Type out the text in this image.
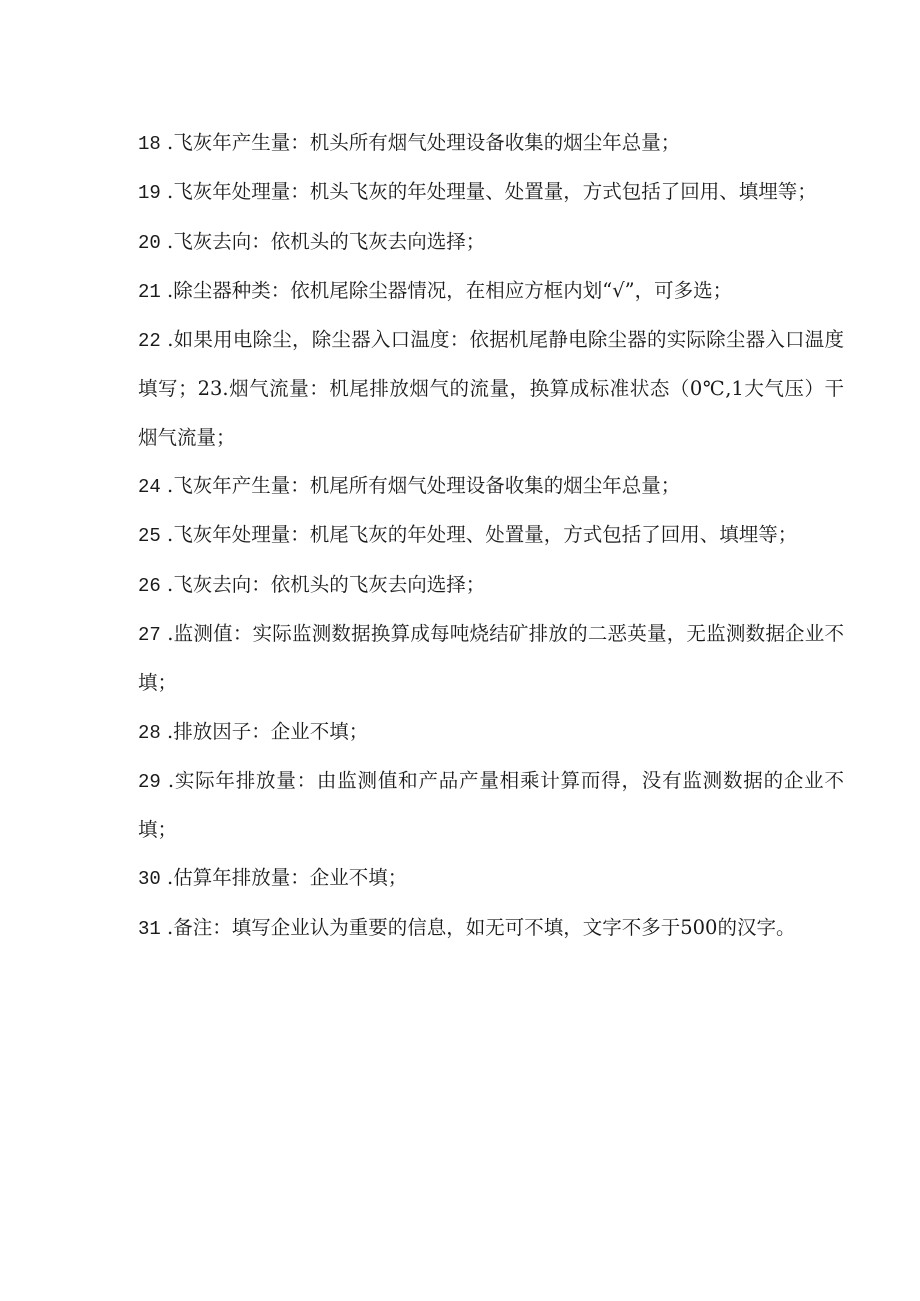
18 .飞灰年产生量：机头所有烟气处理设备收集的烟尘年总量；

19 .飞灰年处理量：机头飞灰的年处理量、处置量，方式包括了回用、填埋等；

20 .飞灰去向：依机头的飞灰去向选择；

21 .除尘器种类：依机尾除尘器情况，在相应方框内划“√”，可多选；

22 .如果用电除尘，除尘器入口温度：依据机尾静电除尘器的实际除尘器入口温度填写；23.烟气流量：机尾排放烟气的流量，换算成标准状态（0℃,1大气压）干烟气流量；

24 .飞灰年产生量：机尾所有烟气处理设备收集的烟尘年总量；

25 .飞灰年处理量：机尾飞灰的年处理、处置量，方式包括了回用、填埋等；

26 .飞灰去向：依机头的飞灰去向选择；

27 .监测值：实际监测数据换算成每吨烧结矿排放的二恶英量，无监测数据企业不填；

28 .排放因子：企业不填；

29 .实际年排放量：由监测值和产品产量相乘计算而得，没有监测数据的企业不填；

30 .估算年排放量：企业不填；

31 .备注：填写企业认为重要的信息，如无可不填，文字不多于500的汉字。
